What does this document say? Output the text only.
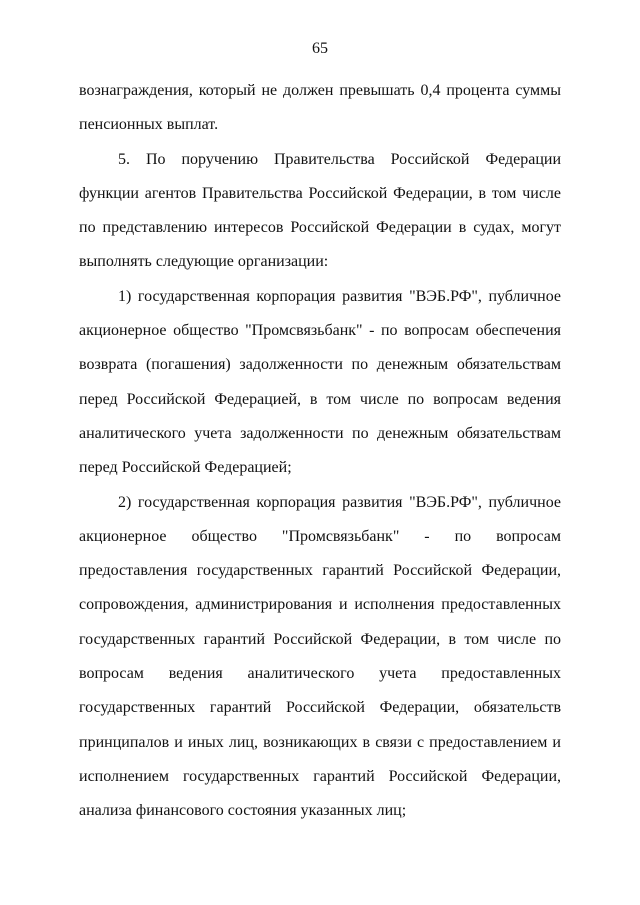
65

вознаграждения, который не должен превышать 0,4 процента суммы пенсионных выплат.

5. По поручению Правительства Российской Федерации функции агентов Правительства Российской Федерации, в том числе по представлению интересов Российской Федерации в судах, могут выполнять следующие организации:

1) государственная корпорация развития "ВЭБ.РФ", публичное акционерное общество "Промсвязьбанк" - по вопросам обеспечения возврата (погашения) задолженности по денежным обязательствам перед Российской Федерацией, в том числе по вопросам ведения аналитического учета задолженности по денежным обязательствам перед Российской Федерацией;

2) государственная корпорация развития "ВЭБ.РФ", публичное акционерное общество "Промсвязьбанк" - по вопросам предоставления государственных гарантий Российской Федерации, сопровождения, администрирования и исполнения предоставленных государственных гарантий Российской Федерации, в том числе по вопросам ведения аналитического учета предоставленных государственных гарантий Российской Федерации, обязательств принципалов и иных лиц, возникающих в связи с предоставлением и исполнением государственных гарантий Российской Федерации, анализа финансового состояния указанных лиц;
